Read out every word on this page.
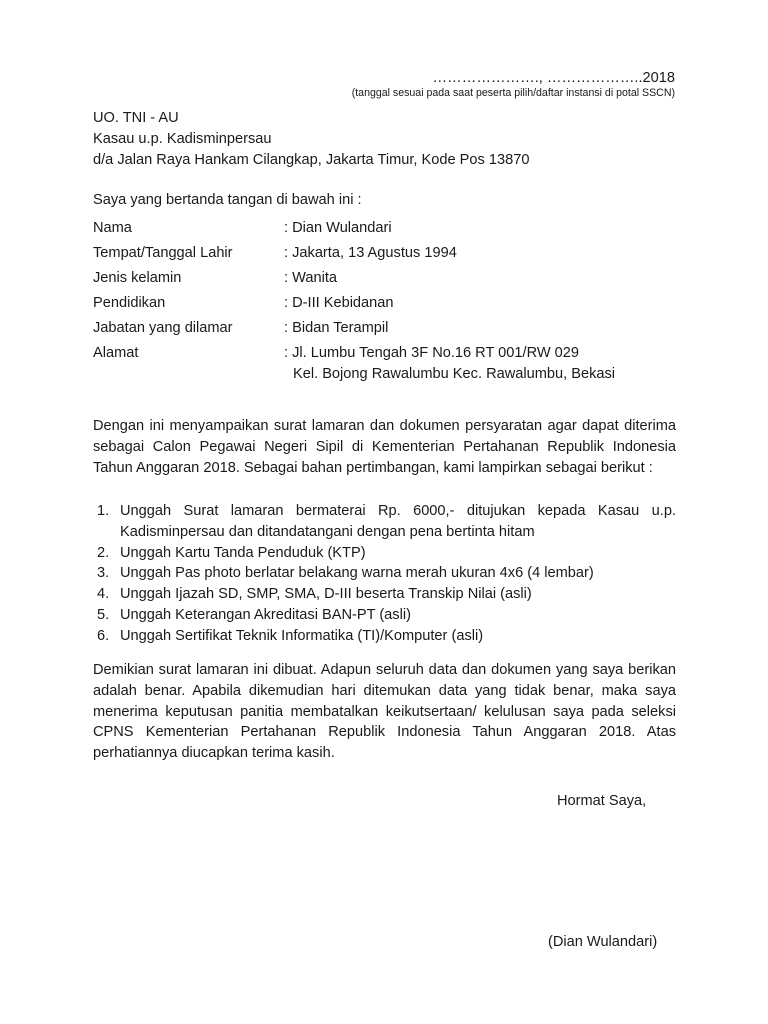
…………………., ………………..2018
(tanggal sesuai pada saat peserta pilih/daftar instansi di potal SSCN)
UO. TNI - AU
Kasau u.p. Kadisminpersau
d/a Jalan Raya Hankam Cilangkap, Jakarta Timur, Kode Pos 13870
Saya yang bertanda tangan di bawah ini :
Nama	: Dian Wulandari
Tempat/Tanggal Lahir	: Jakarta, 13 Agustus 1994
Jenis kelamin	: Wanita
Pendidikan	: D-III Kebidanan
Jabatan yang dilamar	: Bidan Terampil
Alamat	: Jl. Lumbu Tengah 3F No.16 RT 001/RW 029
Kel. Bojong Rawalumbu Kec. Rawalumbu, Bekasi
Dengan ini menyampaikan surat lamaran dan dokumen persyaratan agar dapat diterima sebagai Calon Pegawai Negeri Sipil di Kementerian Pertahanan Republik Indonesia Tahun Anggaran 2018. Sebagai bahan pertimbangan, kami lampirkan sebagai berikut :
1. Unggah Surat lamaran bermaterai Rp. 6000,- ditujukan kepada Kasau u.p. Kadisminpersau dan ditandatangani dengan pena bertinta hitam
2. Unggah Kartu Tanda Penduduk (KTP)
3. Unggah Pas photo berlatar belakang warna merah ukuran 4x6 (4 lembar)
4. Unggah Ijazah SD, SMP, SMA, D-III beserta Transkip Nilai (asli)
5. Unggah Keterangan Akreditasi BAN-PT (asli)
6. Unggah Sertifikat Teknik Informatika (TI)/Komputer (asli)
Demikian surat lamaran ini dibuat. Adapun seluruh data dan dokumen yang saya berikan adalah benar. Apabila dikemudian hari ditemukan data yang tidak benar, maka saya menerima keputusan panitia membatalkan keikutsertaan/ kelulusan saya pada seleksi CPNS Kementerian Pertahanan Republik Indonesia Tahun Anggaran 2018. Atas perhatiannya diucapkan terima kasih.
Hormat Saya,
(Dian Wulandari)
